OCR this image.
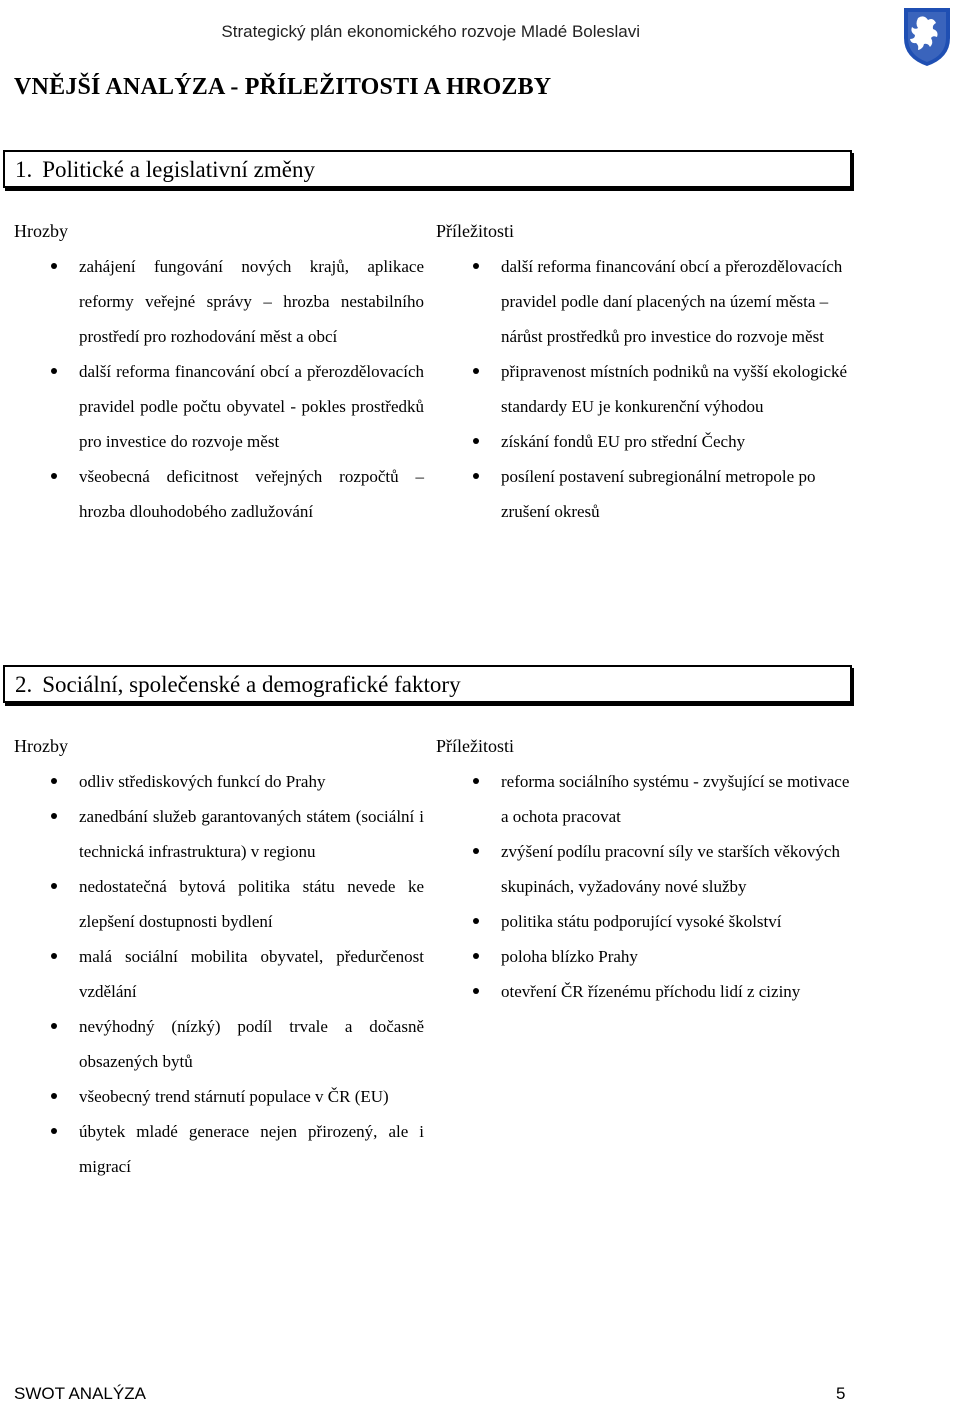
Strategický plán ekonomického rozvoje Mladé Boleslavi
VNĚJŠÍ ANALÝZA - PŘÍLEŽITOSTI A HROZBY
1. Politické a legislativní změny
Hrozby
zahájení fungování nových krajů, aplikace reformy veřejné správy – hrozba nestabilního prostředí pro rozhodování měst a obcí
další reforma financování obcí a přerozdělovacích pravidel podle počtu obyvatel - pokles prostředků pro investice do rozvoje měst
všeobecná deficitnost veřejných rozpočtů – hrozba dlouhodobého zadlužování
Příležitosti
další reforma financování obcí a přerozdělovacích pravidel podle daní placených na území města – nárůst prostředků pro investice do rozvoje měst
připravenost místních podniků na vyšší ekologické standardy EU je konkurenční výhodou
získání fondů EU pro střední Čechy
posílení postavení subregionální metropole po zrušení okresů
2. Sociální, společenské a demografické faktory
Hrozby
odliv střediskových funkcí do Prahy
zanedbání služeb garantovaných státem (sociální i technická infrastruktura) v regionu
nedostatečná bytová politika státu nevede ke zlepšení dostupnosti bydlení
malá sociální mobilita obyvatel, předurčenost vzdělání
nevýhodný (nízký) podíl trvale a dočasně obsazených bytů
všeobecný trend stárnutí populace v ČR (EU)
úbytek mladé generace nejen přirozený, ale i migrací
Příležitosti
reforma sociálního systému - zvyšující se motivace a ochota pracovat
zvýšení podílu pracovní síly ve starších věkových skupinách, vyžadovány nové služby
politika státu podporující vysoké školství
poloha blízko Prahy
otevření ČR řízenému příchodu lidí z ciziny
SWOT ANALÝZA	5
